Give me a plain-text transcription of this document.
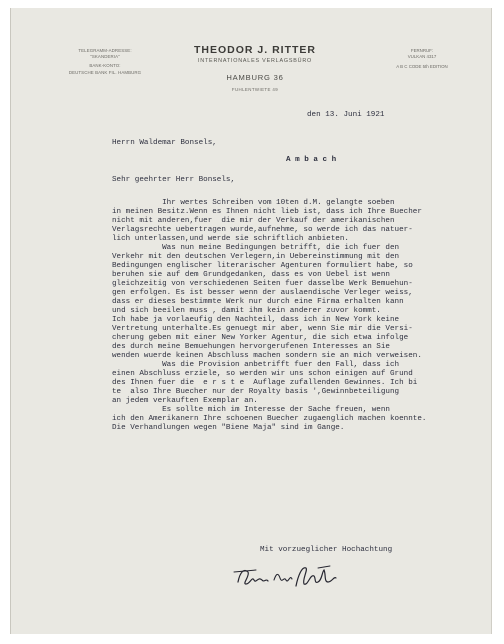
TELEGRAMM-ADRESSE:
"SKANDERIA"
BANK-KONTO:
DEUTSCHE BANK FIL. HAMBURG
THEODOR J. RITTER
INTERNATIONALES VERLAGSBÜRO
HAMBURG 36
FUHLENTWIETE 49
FERNRUF:
VULKAN 4317
A B C CODE 5th EDITION
den 13. Juni 1921
Herrn Waldemar Bonsels,
A m b a c h
Sehr geehrter Herr Bonsels,
Ihr wertes Schreiben vom 10ten d.M. gelangte soeben
in meinen Besitz.Wenn es Ihnen nicht lieb ist, dass ich Ihre Buecher
nicht mit anderen,fuer  die mir der Verkauf der amerikanischen
Verlagsrechte uebertragen wurde,aufnehme, so werde ich das natuer-
lich unterlassen,und werde sie schriftlich anbieten.
Was nun meine Bedingungen betrifft, die ich fuer den
Verkehr mit den deutschen Verlegern,in Uebereinstimmung mit den
Bedingungen englischer literarischer Agenturen formuliert habe, so
beruhen sie auf dem Grundgedanken, dass es von Uebel ist wenn
gleichzeitig von verschiedenen Seiten fuer dasselbe Werk Bemuehun-
gen erfolgen. Es ist besser wenn der auslaendische Verleger weiss,
dass er dieses bestimmte Werk nur durch eine Firma erhalten kann
und sich beeilen muss , damit ihm kein anderer zuvor kommt.
Ich habe ja vorlaeufig den Nachteil, dass ich in New York keine
Vertretung unterhalte.Es genuegt mir aber, wenn Sie mir die Versi-
cherung geben mit einer New Yorker Agentur, die sich etwa infolge
des durch meine Bemuehungen hervorgerufenen Interesses an Sie
wenden wuerde keinen Abschluss machen sondern sie an mich verweisen.
Was die Provision anbetrifft fuer den Fall, dass ich
einen Abschluss erziele, so werden wir uns schon einigen auf Grund
des Ihnen fuer die  e r s t e  Auflage zufallenden Gewinnes. Ich bi
te  also Ihre Buecher nur der Royalty basis ',Gewinnbeteiligung
an jedem verkauften Exemplar an.
Es sollte mich im Interesse der Sache freuen, wenn
ich den Amerikanern Ihre schoenen Buecher zugaenglich machen koennte.
Die Verhandlungen wegen "Biene Maja" sind im Gange.
Mit vorzueglicher Hochachtung
